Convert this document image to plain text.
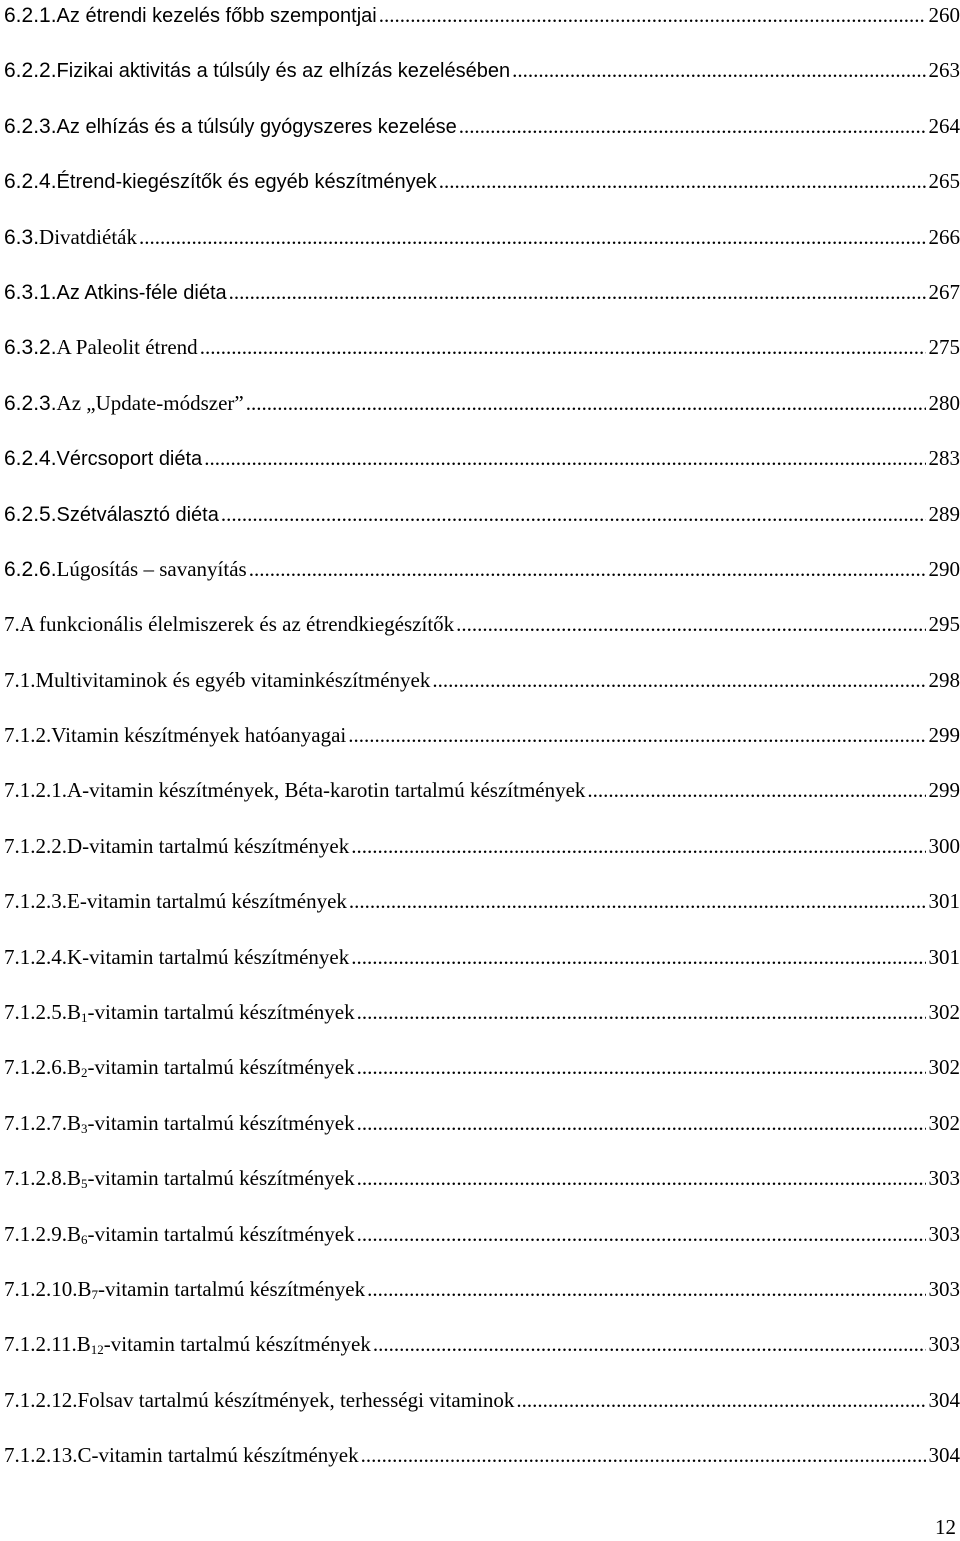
6.2.1. Az étrendi kezelés főbb szempontjai .....	260
6.2.2. Fizikai aktivitás a túlsúly és az elhízás kezelésében .....	263
6.2.3. Az elhízás és a túlsúly gyógyszeres kezelése .....	264
6.2.4. Étrend-kiegészítők és egyéb készítmények .....	265
6.3. Divatdiéták .....	266
6.3.1. Az Atkins-féle diéta .....	267
6.3.2. A Paleolit étrend .....	275
6.2.3. Az „Update-módszer” .....	280
6.2.4. Vércsoport diéta .....	283
6.2.5. Szétválasztó diéta .....	289
6.2.6. Lúgosítás – savanyítás .....	290
7. A funkcionális élelmiszerek és az étrendkiegészítők .....	295
7.1. Multivitaminok és egyéb vitaminkészítmények .....	298
7.1.2. Vitamin készítmények hatóanyagai .....	299
7.1.2.1. A-vitamin készítmények, Béta-karotin tartalmú készítmények .....	299
7.1.2.2. D-vitamin tartalmú készítmények .....	300
7.1.2.3. E-vitamin tartalmú készítmények .....	301
7.1.2.4. K-vitamin tartalmú készítmények .....	301
7.1.2.5. $B_1$-vitamin tartalmú készítmények .....	302
7.1.2.6. $B_2$-vitamin tartalmú készítmények .....	302
7.1.2.7. $B_3$-vitamin tartalmú készítmények .....	302
7.1.2.8. $B_5$-vitamin tartalmú készítmények .....	303
7.1.2.9. $B_6$-vitamin tartalmú készítmények .....	303
7.1.2.10. $B_7$-vitamin tartalmú készítmények .....	303
7.1.2.11. $B_{12}$-vitamin tartalmú készítmények .....	303
7.1.2.12. Folsav tartalmú készítmények, terhességi vitaminok .....	304
7.1.2.13. C-vitamin tartalmú készítmények .....	304
12
